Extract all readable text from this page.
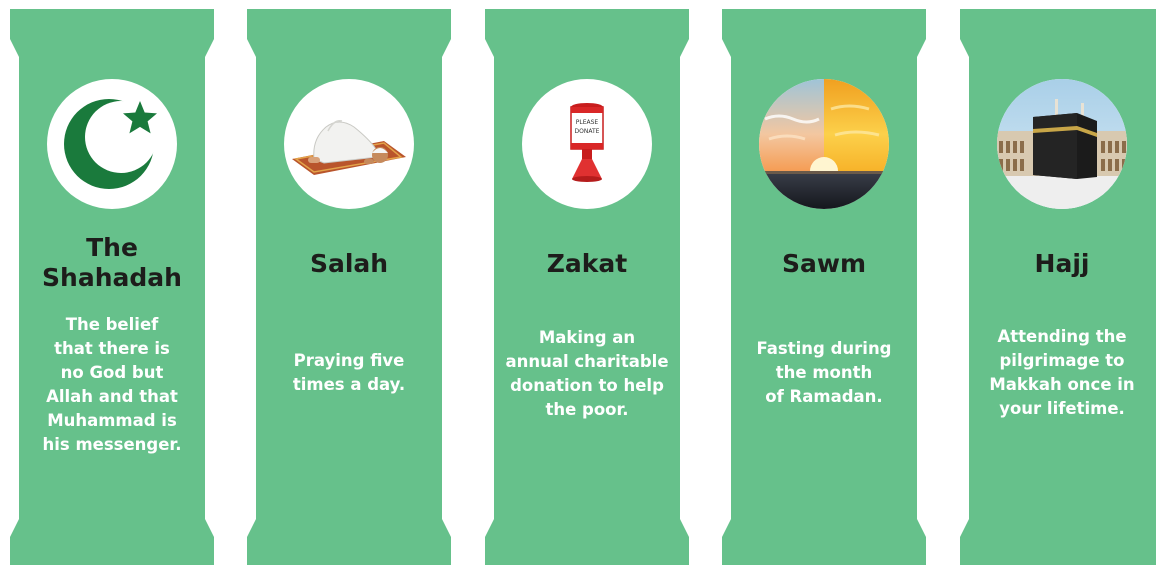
The
Shahadah
The belief
that there is
no God but
Allah and that
Muhammad is
his messenger.
Salah
Praying five
times a day.
PLEASE
DONATE
Zakat
Making an
annual charitable
donation to help
the poor.
Sawm
Fasting during
the month
of Ramadan.
Hajj
Attending the
pilgrimage to
Makkah once in
your lifetime.
